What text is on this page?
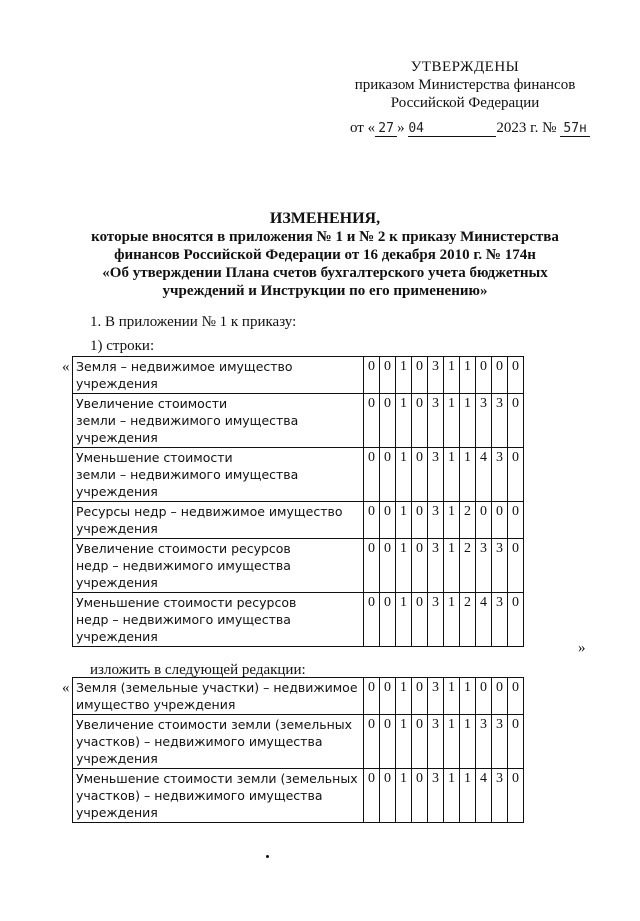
УТВЕРЖДЕНЫ
приказом Министерства финансов
Российской Федерации
от « 27 » 04	2023 г. № 57н
ИЗМЕНЕНИЯ,
которые вносятся в приложения № 1 и № 2 к приказу Министерства
финансов Российской Федерации от 16 декабря 2010 г. № 174н
«Об утверждении Плана счетов бухгалтерского учета бюджетных
учреждений и Инструкции по его применению»
1. В приложении № 1 к приказу:
1) строки:
« Земля – недвижимое имущество
учреждения	0	0	1	0	3	1	1	0	0	0

Увеличение стоимости
земли – недвижимого имущества
учреждения	0	0	1	0	3	1	1	3	3	0

Уменьшение стоимости
земли – недвижимого имущества
учреждения	0	0	1	0	3	1	1	4	3	0

Ресурсы недр – недвижимое имущество
учреждения	0	0	1	0	3	1	2	0	0	0

Увеличение стоимости ресурсов
недр – недвижимого имущества
учреждения	0	0	1	0	3	1	2	3	3	0

Уменьшение стоимости ресурсов
недр – недвижимого имущества
учреждения	0	0	1	0	3	1	2	4	3	0
»
изложить в следующей редакции:
« Земля (земельные участки) – недвижимое
имущество учреждения	0	0	1	0	3	1	1	0	0	0

Увеличение стоимости земли (земельных
участков) – недвижимого имущества
учреждения	0	0	1	0	3	1	1	3	3	0

Уменьшение стоимости земли (земельных
участков) – недвижимого имущества
учреждения	0	0	1	0	3	1	1	4	3	0
